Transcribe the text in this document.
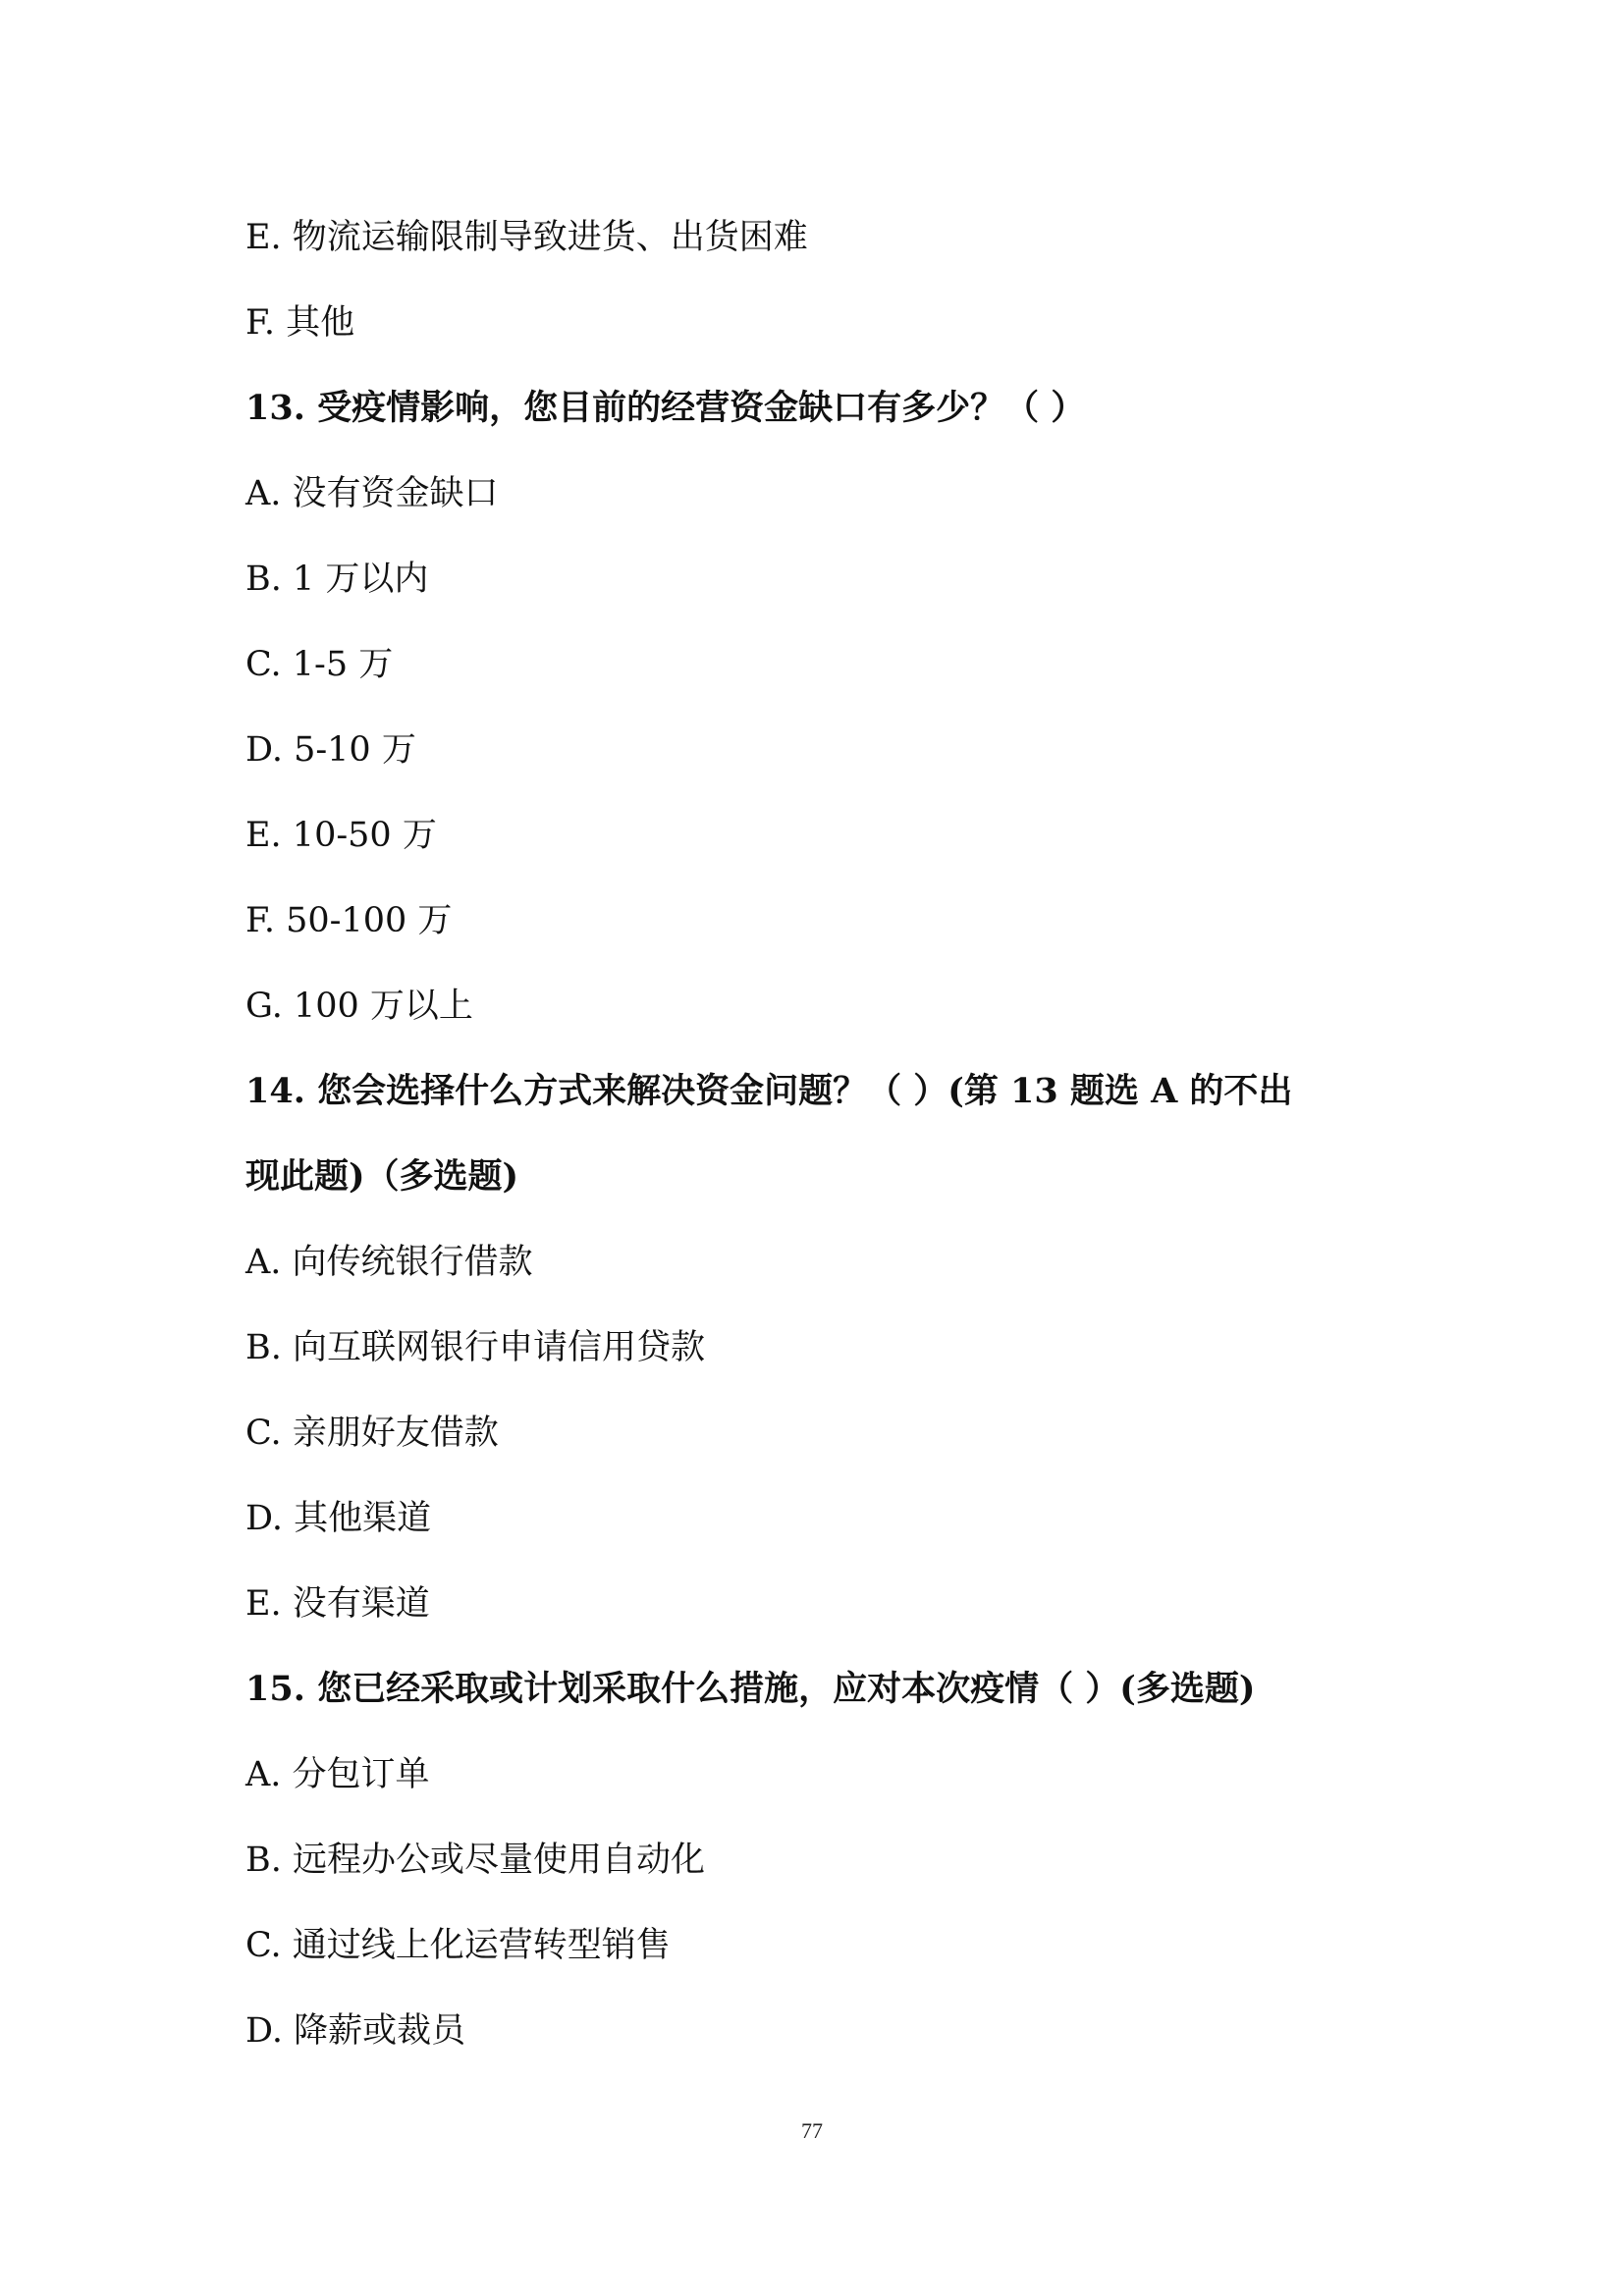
E. 物流运输限制导致进货、出货困难
F. 其他
13. 受疫情影响，您目前的经营资金缺口有多少？（ ）
A. 没有资金缺口
B. 1 万以内
C. 1-5 万
D. 5-10 万
E. 10-50 万
F. 50-100 万
G. 100 万以上
14. 您会选择什么方式来解决资金问题？（ ）(第 13 题选 A 的不出
现此题)（多选题)
A. 向传统银行借款
B. 向互联网银行申请信用贷款
C. 亲朋好友借款
D. 其他渠道
E. 没有渠道
15. 您已经采取或计划采取什么措施，应对本次疫情（ ）(多选题)
A. 分包订单
B. 远程办公或尽量使用自动化
C. 通过线上化运营转型销售
D. 降薪或裁员
77
